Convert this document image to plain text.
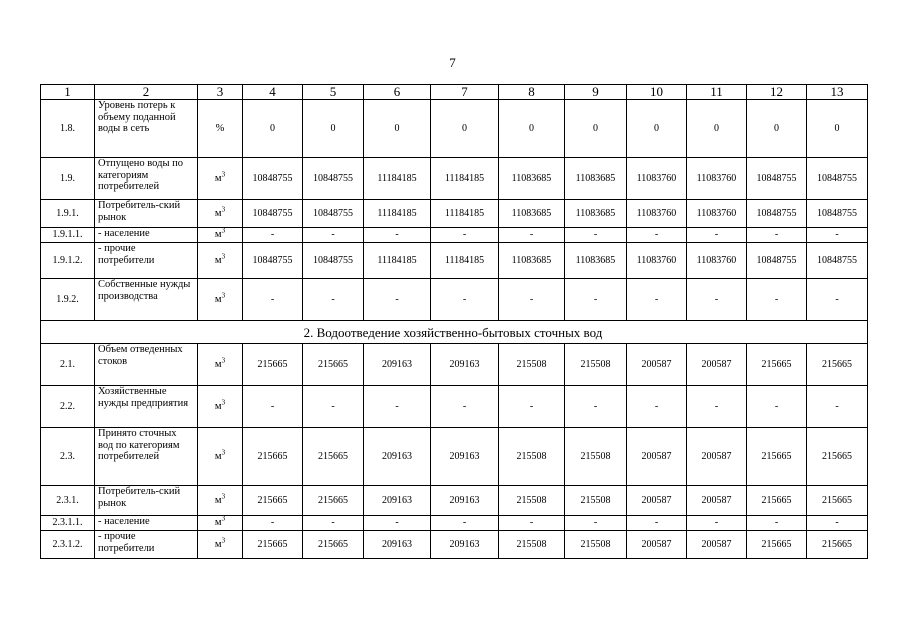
7
1	2	3	4	5	6	7	8	9	10	11	12	13
1.8.	Уровень потерь к объему поданной воды в сеть	%	0	0	0	0	0	0	0	0	0	0
1.9.	Отпущено воды по категориям потребителей	$м^3$	10848755	10848755	11184185	11184185	11083685	11083685	11083760	11083760	10848755	10848755
1.9.1.	Потребитель-ский рынок	$м^3$	10848755	10848755	11184185	11184185	11083685	11083685	11083760	11083760	10848755	10848755
1.9.1.1.	- население	$м^3$	-	-	-	-	-	-	-	-	-	-
1.9.1.2.	- прочие потребители	$м^3$	10848755	10848755	11184185	11184185	11083685	11083685	11083760	11083760	10848755	10848755
1.9.2.	Собственные нужды производства	$м^3$	-	-	-	-	-	-	-	-	-	-
2. Водоотведение хозяйственно-бытовых сточных вод												
2.1.	Объем отведенных стоков	$м^3$	215665	215665	209163	209163	215508	215508	200587	200587	215665	215665
2.2.	Хозяйственные нужды предприятия	$м^3$	-	-	-	-	-	-	-	-	-	-
2.3.	Принято сточных вод по категориям потребителей	$м^3$	215665	215665	209163	209163	215508	215508	200587	200587	215665	215665
2.3.1.	Потребитель-ский рынок	$м^3$	215665	215665	209163	209163	215508	215508	200587	200587	215665	215665
2.3.1.1.	- население	$м^3$	-	-	-	-	-	-	-	-	-	-
2.3.1.2.	- прочие потребители	$м^3$	215665	215665	209163	209163	215508	215508	200587	200587	215665	215665
